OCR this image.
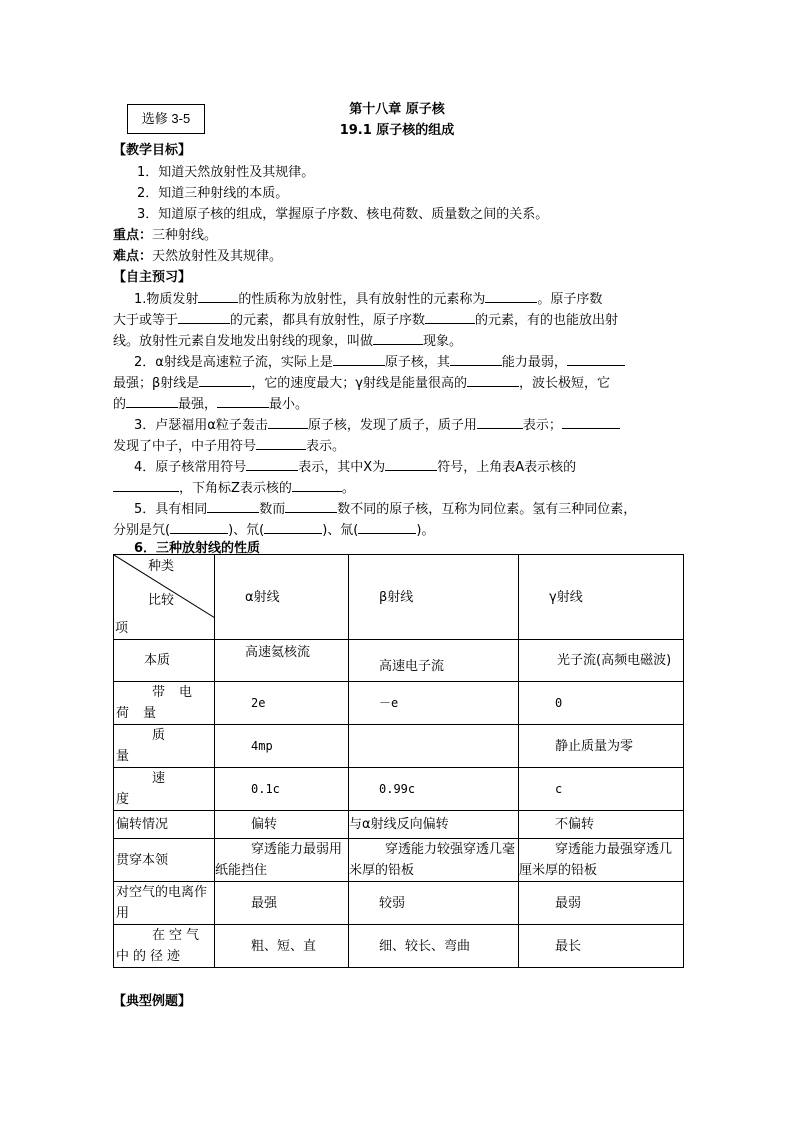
选修 3-5
第十八章 原子核
19.1 原子核的组成
【教学目标】
1．知道天然放射性及其规律。
2．知道三种射线的本质。
3．知道原子核的组成，掌握原子序数、核电荷数、质量数之间的关系。
重点：三种射线。
难点：天然放射性及其规律。
【自主预习】
1.物质发射	的性质称为放射性，具有放射性的元素称为	。原子序数
大于或等于	的元素，都具有放射性，原子序数	的元素，有的也能放出射
线。放射性元素自发地发出射线的现象，叫做	现象。
2．α射线是高速粒子流，实际上是	原子核，其	能力最弱，
最强；β射线是	，它的速度最大；γ射线是能量很高的	，波长极短，它
的	最强，	最小。
3．卢瑟福用α粒子轰击	原子核，发现了质子，质子用	表示；
发现了中子，中子用符号	表示。
4．原子核常用符号	表示，其中X为	符号，上角表A表示核的
，下角标Z表示核的	。
5．具有相同	数而	数不同的原子核，互称为同位素。氢有三种同位素，
分别是氕(	)、氘(	)、氚(	)。
6．三种放射线的性质
种类
比较
项	α射线	β射线	γ射线
本质	高速氦核流	高速电子流	光子流(高频电磁波)
带电荷量	2e	－e	0
质量	4mp		静止质量为零
速度	0.1c	0.99c	c
偏转情况	偏转	与α射线反向偏转	不偏转
贯穿本领	穿透能力最弱用纸能挡住	穿透能力较强穿透几毫米厚的铅板	穿透能力最强穿透几厘米厚的铅板
对空气的电离作用	最强	较弱	最弱
在空气中的径迹	粗、短、直	细、较长、弯曲	最长
【典型例题】
